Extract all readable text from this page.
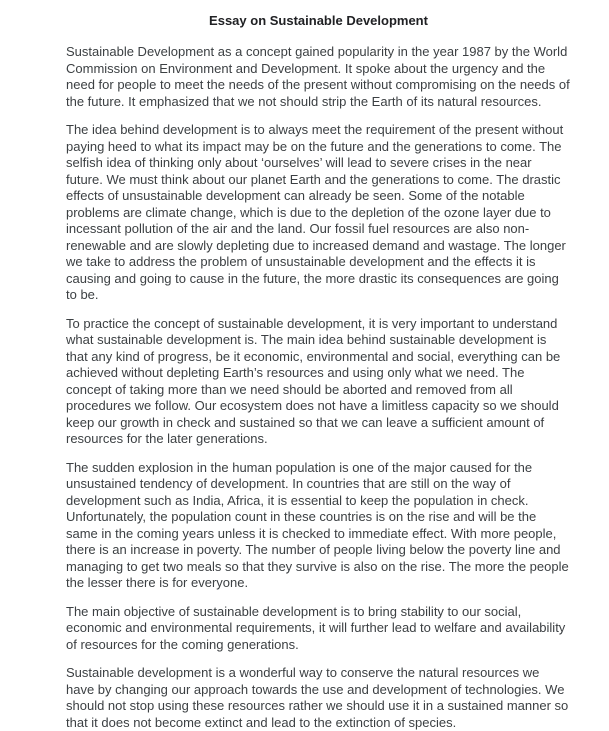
Essay on Sustainable Development

Sustainable Development as a concept gained popularity in the year 1987 by the World Commission on Environment and Development. It spoke about the urgency and the need for people to meet the needs of the present without compromising on the needs of the future. It emphasized that we not should strip the Earth of its natural resources.

The idea behind development is to always meet the requirement of the present without paying heed to what its impact may be on the future and the generations to come. The selfish idea of thinking only about ‘ourselves’ will lead to severe crises in the near future. We must think about our planet Earth and the generations to come. The drastic effects of unsustainable development can already be seen. Some of the notable problems are climate change, which is due to the depletion of the ozone layer due to incessant pollution of the air and the land. Our fossil fuel resources are also non-renewable and are slowly depleting due to increased demand and wastage. The longer we take to address the problem of unsustainable development and the effects it is causing and going to cause in the future, the more drastic its consequences are going to be.

To practice the concept of sustainable development, it is very important to understand what sustainable development is. The main idea behind sustainable development is that any kind of progress, be it economic, environmental and social, everything can be achieved without depleting Earth’s resources and using only what we need. The concept of taking more than we need should be aborted and removed from all procedures we follow. Our ecosystem does not have a limitless capacity so we should keep our growth in check and sustained so that we can leave a sufficient amount of resources for the later generations.

The sudden explosion in the human population is one of the major caused for the unsustained tendency of development. In countries that are still on the way of development such as India, Africa, it is essential to keep the population in check. Unfortunately, the population count in these countries is on the rise and will be the same in the coming years unless it is checked to immediate effect. With more people, there is an increase in poverty. The number of people living below the poverty line and managing to get two meals so that they survive is also on the rise. The more the people the lesser there is for everyone.

The main objective of sustainable development is to bring stability to our social, economic and environmental requirements, it will further lead to welfare and availability of resources for the coming generations.

Sustainable development is a wonderful way to conserve the natural resources we have by changing our approach towards the use and development of technologies. We should not stop using these resources rather we should use it in a sustained manner so that it does not become extinct and lead to the extinction of species.
